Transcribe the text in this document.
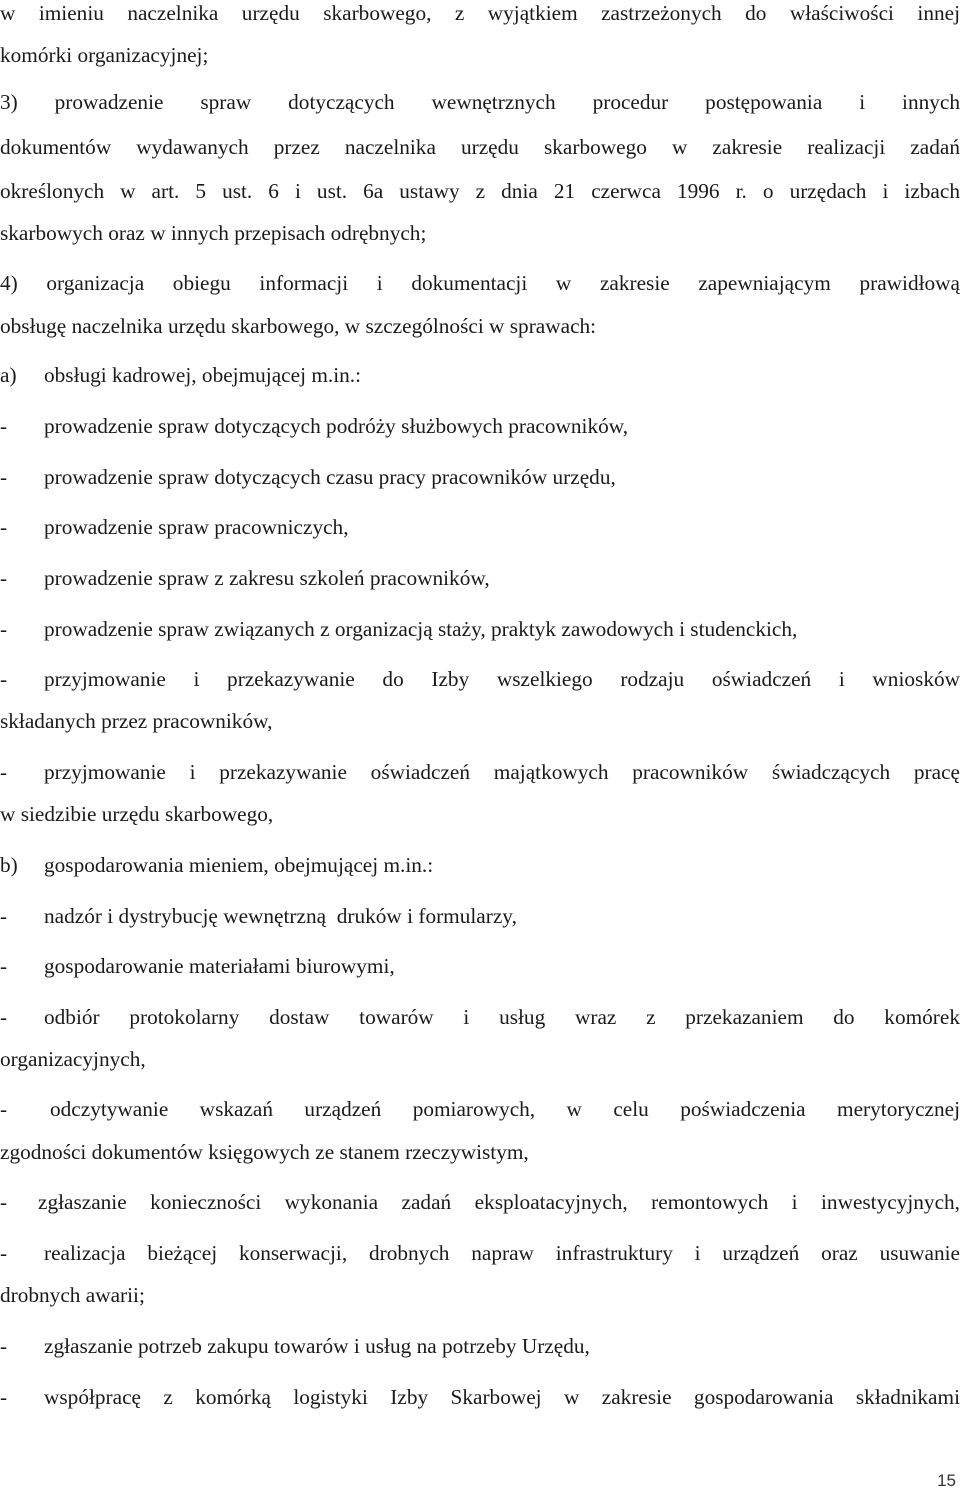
w imieniu naczelnika urzędu skarbowego, z wyjątkiem zastrzeżonych do właściwości innej
komórki organizacyjnej;
3) prowadzenie spraw dotyczących wewnętrznych procedur postępowania i innych
dokumentów wydawanych przez naczelnika urzędu skarbowego w zakresie realizacji zadań
określonych w art. 5 ust. 6 i ust. 6a ustawy z dnia 21 czerwca 1996 r. o urzędach i izbach
skarbowych oraz w innych przepisach odrębnych;
4) organizacja obiegu informacji i dokumentacji w zakresie zapewniającym prawidłową
obsługę naczelnika urzędu skarbowego, w szczególności w sprawach:
a) obsługi kadrowej, obejmującej m.in.:
- prowadzenie spraw dotyczących podróży służbowych pracowników,
- prowadzenie spraw dotyczących czasu pracy pracowników urzędu,
- prowadzenie spraw pracowniczych,
- prowadzenie spraw z zakresu szkoleń pracowników,
- prowadzenie spraw związanych z organizacją staży, praktyk zawodowych i studenckich,
- przyjmowanie i przekazywanie do Izby wszelkiego rodzaju oświadczeń i wniosków
składanych przez pracowników,
- przyjmowanie i przekazywanie oświadczeń majątkowych pracowników świadczących pracę
w siedzibie urzędu skarbowego,
b) gospodarowania mieniem, obejmującej m.in.:
- nadzór i dystrybucję wewnętrzną  druków i formularzy,
- gospodarowanie materiałami biurowymi,
- odbiór protokolarny dostaw towarów i usług wraz z przekazaniem do komórek
organizacyjnych,
- odczytywanie wskazań urządzeń pomiarowych, w celu poświadczenia merytorycznej
zgodności dokumentów księgowych ze stanem rzeczywistym,
- zgłaszanie konieczności wykonania zadań eksploatacyjnych, remontowych i inwestycyjnych,
- realizacja bieżącej konserwacji, drobnych napraw infrastruktury i urządzeń oraz usuwanie
drobnych awarii;
- zgłaszanie potrzeb zakupu towarów i usług na potrzeby Urzędu,
- współpracę z komórką logistyki Izby Skarbowej w zakresie gospodarowania składnikami
15
